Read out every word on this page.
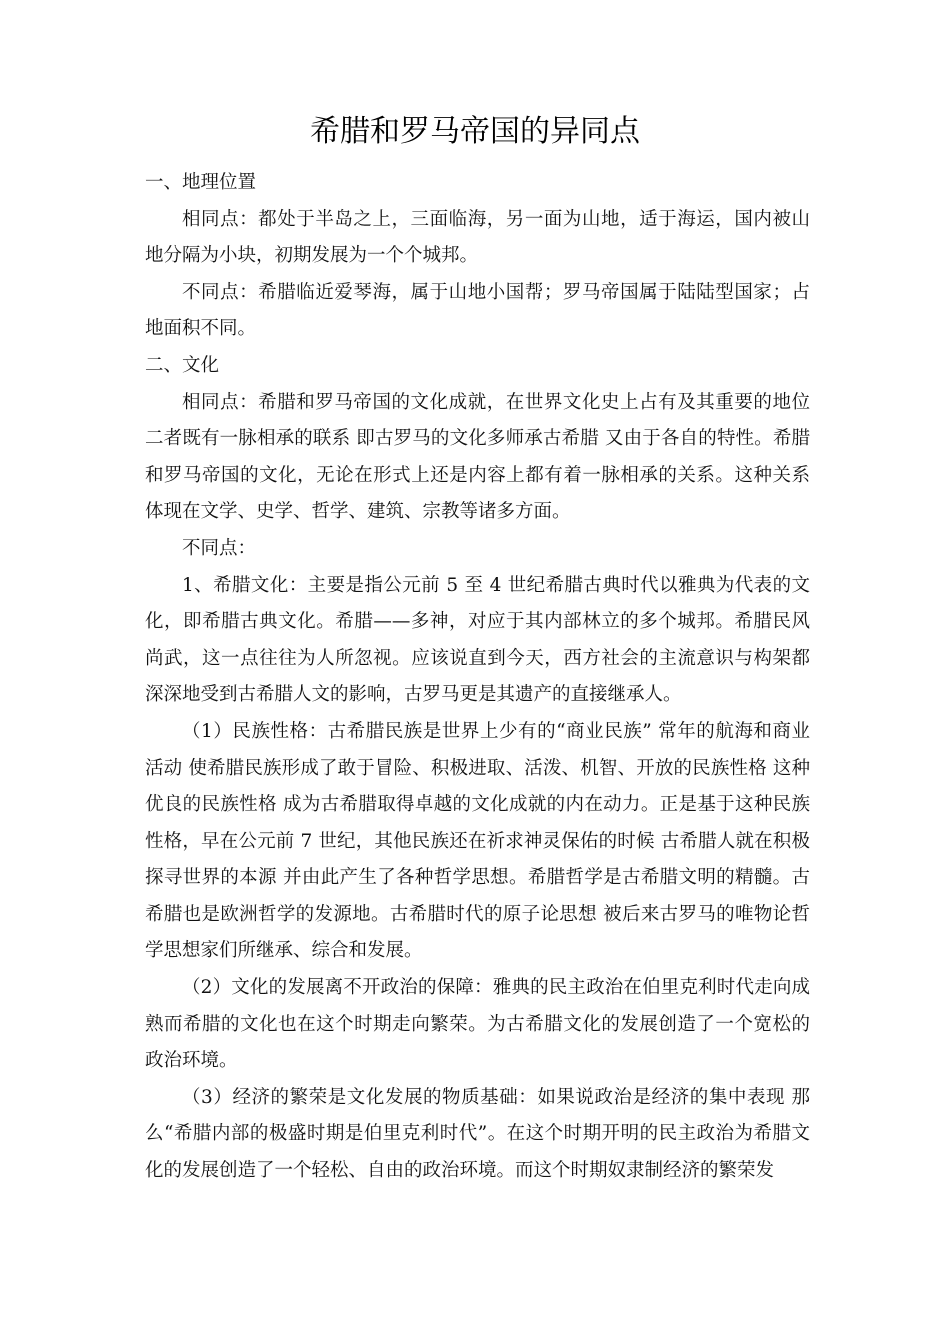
希腊和罗马帝国的异同点

一、地理位置

相同点：都处于半岛之上，三面临海，另一面为山地，适于海运，国内被山地分隔为小块，初期发展为一个个城邦。

不同点：希腊临近爱琴海，属于山地小国帮；罗马帝国属于陆陆型国家；占地面积不同。

二、文化

相同点：希腊和罗马帝国的文化成就，在世界文化史上占有及其重要的地位二者既有一脉相承的联系 即古罗马的文化多师承古希腊 又由于各自的特性。希腊和罗马帝国的文化，无论在形式上还是内容上都有着一脉相承的关系。这种关系体现在文学、史学、哲学、建筑、宗教等诸多方面。

不同点：

1、希腊文化：主要是指公元前 5 至 4 世纪希腊古典时代以雅典为代表的文化，即希腊古典文化。希腊——多神，对应于其内部林立的多个城邦。希腊民风尚武，这一点往往为人所忽视。应该说直到今天，西方社会的主流意识与构架都深深地受到古希腊人文的影响，古罗马更是其遗产的直接继承人。

（1）民族性格：古希腊民族是世界上少有的“商业民族” 常年的航海和商业活动 使希腊民族形成了敢于冒险、积极进取、活泼、机智、开放的民族性格 这种优良的民族性格 成为古希腊取得卓越的文化成就的内在动力。正是基于这种民族性格，早在公元前 7 世纪，其他民族还在祈求神灵保佑的时候 古希腊人就在积极探寻世界的本源 并由此产生了各种哲学思想。希腊哲学是古希腊文明的精髓。古希腊也是欧洲哲学的发源地。古希腊时代的原子论思想 被后来古罗马的唯物论哲学思想家们所继承、综合和发展。

（2）文化的发展离不开政治的保障：雅典的民主政治在伯里克利时代走向成熟而希腊的文化也在这个时期走向繁荣。为古希腊文化的发展创造了一个宽松的政治环境。

（3）经济的繁荣是文化发展的物质基础：如果说政治是经济的集中表现 那么“希腊内部的极盛时期是伯里克利时代”。在这个时期开明的民主政治为希腊文化的发展创造了一个轻松、自由的政治环境。而这个时期奴隶制经济的繁荣发
